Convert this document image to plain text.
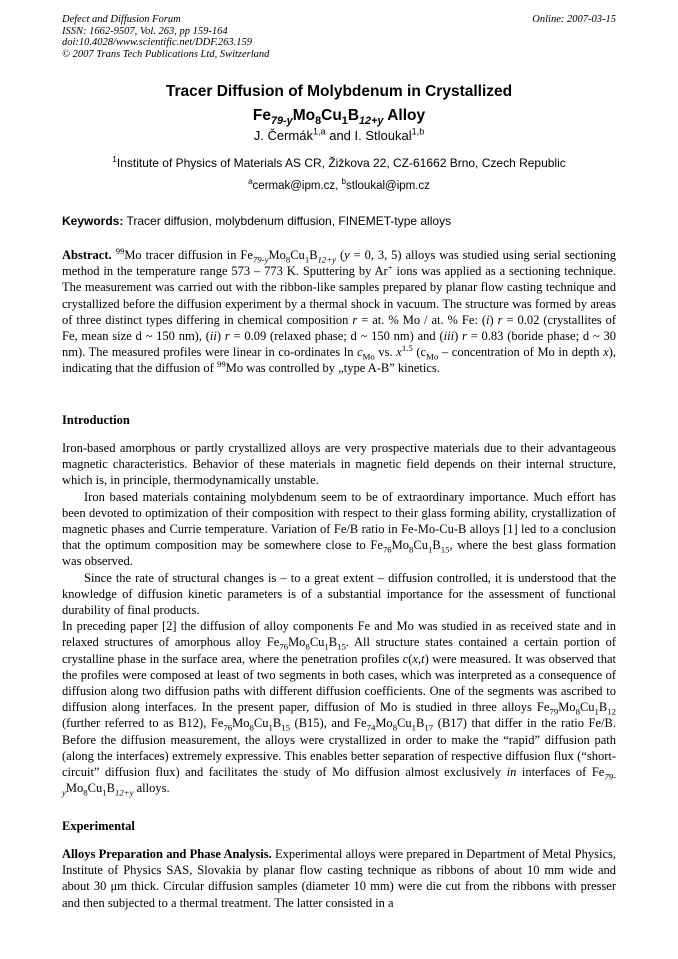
Defect and Diffusion Forum
ISSN: 1662-9507, Vol. 263, pp 159-164
doi:10.4028/www.scientific.net/DDF.263.159
© 2007 Trans Tech Publications Ltd, Switzerland
Online: 2007-03-15
Tracer Diffusion of Molybdenum in Crystallized
$Fe_{79-y}Mo_8Cu_1B_{12+y}$ Alloy
J. Čermák$^{1,a}$ and I. Stloukal$^{1,b}$
$^1$Institute of Physics of Materials AS CR, Žižkova 22, CZ-61662 Brno, Czech Republic
$^a$cermak@ipm.cz, $^b$stloukal@ipm.cz
Keywords: Tracer diffusion, molybdenum diffusion, FINEMET-type alloys

Abstract. $^{99}$Mo tracer diffusion in $Fe_{79-y}Mo_8Cu_1B_{12+y}$ (y = 0, 3, 5) alloys was studied using serial sectioning method in the temperature range 573 – 773 K. Sputtering by Ar+ ions was applied as a sectioning technique. The measurement was carried out with the ribbon-like samples prepared by planar flow casting technique and crystallized before the diffusion experiment by a thermal shock in vacuum. The structure was formed by areas of three distinct types differing in chemical composition r = at. % Mo / at. % Fe: (i) r = 0.02 (crystallites of Fe, mean size d ~ 150 nm), (ii) r = 0.09 (relaxed phase; d ~ 150 nm) and (iii) r = 0.83 (boride phase; d ~ 30 nm). The measured profiles were linear in co-ordinates $\ln c_{Mo}$ vs. $x^{1.5}$ ($c_{Mo}$ – concentration of Mo in depth x), indicating that the diffusion of $^{99}$Mo was controlled by „type A-B” kinetics.

Introduction

Iron-based amorphous or partly crystallized alloys are very prospective materials due to their advantageous magnetic characteristics. Behavior of these materials in magnetic field depends on their internal structure, which is, in principle, thermodynamically unstable.

Iron based materials containing molybdenum seem to be of extraordinary importance. Much effort has been devoted to optimization of their composition with respect to their glass forming ability, crystallization of magnetic phases and Currie temperature. Variation of Fe/B ratio in Fe-Mo-Cu-B alloys [1] led to a conclusion that the optimum composition may be somewhere close to $Fe_{76}Mo_8Cu_1B_{15}$, where the best glass formation was observed.

Since the rate of structural changes is – to a great extent – diffusion controlled, it is understood that the knowledge of diffusion kinetic parameters is of a substantial importance for the assessment of functional durability of final products.

In preceding paper [2] the diffusion of alloy components Fe and Mo was studied in as received state and in relaxed structures of amorphous alloy $Fe_{76}Mo_8Cu_1B_{15}$. All structure states contained a certain portion of crystalline phase in the surface area, where the penetration profiles c(x,t) were measured. It was observed that the profiles were composed at least of two segments in both cases, which was interpreted as a consequence of diffusion along two diffusion paths with different diffusion coefficients. One of the segments was ascribed to diffusion along interfaces. In the present paper, diffusion of Mo is studied in three alloys $Fe_{79}Mo_8Cu_1B_{12}$ (further referred to as B12), $Fe_{76}Mo_8Cu_1B_{15}$ (B15), and $Fe_{74}Mo_8Cu_1B_{17}$ (B17) that differ in the ratio Fe/B. Before the diffusion measurement, the alloys were crystallized in order to make the “rapid” diffusion path (along the interfaces) extremely expressive. This enables better separation of respective diffusion flux (“short-circuit” diffusion flux) and facilitates the study of Mo diffusion almost exclusively in interfaces of $Fe_{79-y}Mo_8Cu_1B_{12+y}$ alloys.

Experimental

Alloys Preparation and Phase Analysis. Experimental alloys were prepared in Department of Metal Physics, Institute of Physics SAS, Slovakia by planar flow casting technique as ribbons of about 10 mm wide and about 30 μm thick. Circular diffusion samples (diameter 10 mm) were die cut from the ribbons with presser and then subjected to a thermal treatment. The latter consisted in a
